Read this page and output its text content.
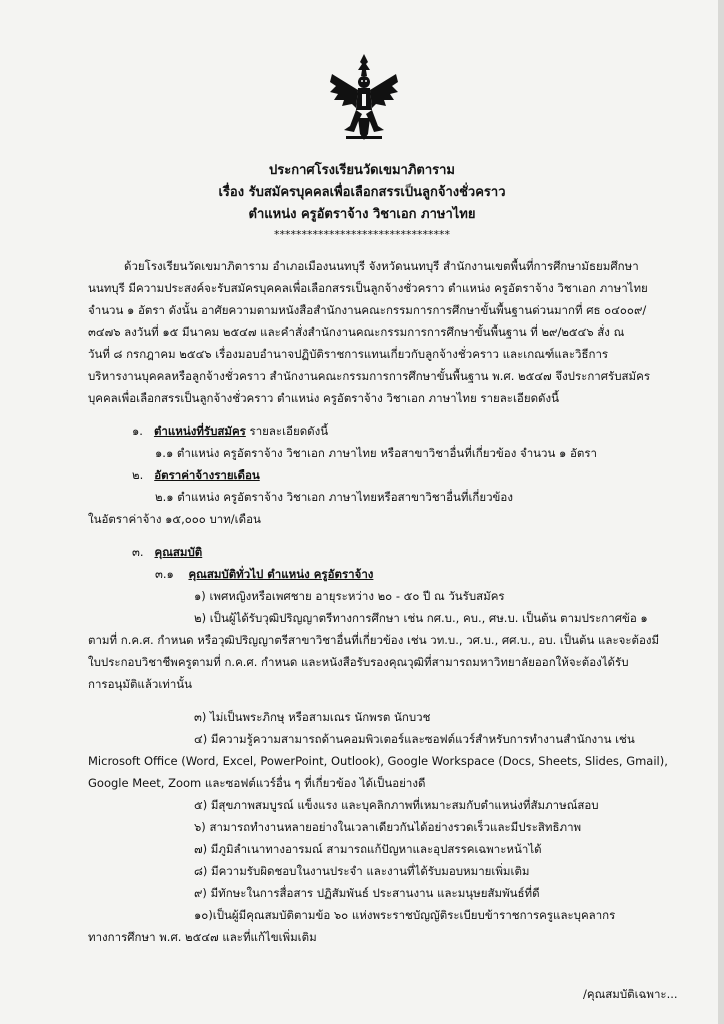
ประกาศโรงเรียนวัดเขมาภิตาราม
เรื่อง รับสมัครบุคคลเพื่อเลือกสรรเป็นลูกจ้างชั่วคราว
ตำแหน่ง ครูอัตราจ้าง วิชาเอก ภาษาไทย
********************************
ด้วยโรงเรียนวัดเขมาภิตาราม อำเภอเมืองนนทบุรี จังหวัดนนทบุรี สำนักงานเขตพื้นที่การศึกษามัธยมศึกษา
นนทบุรี มีความประสงค์จะรับสมัครบุคคลเพื่อเลือกสรรเป็นลูกจ้างชั่วคราว ตำแหน่ง ครูอัตราจ้าง วิชาเอก ภาษาไทย
จำนวน ๑ อัตรา ดังนั้น อาศัยความตามหนังสือสำนักงานคณะกรรมการการศึกษาขั้นพื้นฐานด่วนมากที่ ศธ ๐๔๐๐๙/
๓๔๗๖ ลงวันที่ ๑๕ มีนาคม ๒๕๔๗ และคำสั่งสำนักงานคณะกรรมการการศึกษาขั้นพื้นฐาน ที่ ๒๙/๒๕๔๖ สั่ง ณ
วันที่ ๘ กรกฎาคม ๒๕๔๖ เรื่องมอบอำนาจปฏิบัติราชการแทนเกี่ยวกับลูกจ้างชั่วคราว และเกณฑ์และวิธีการ
บริหารงานบุคคลหรือลูกจ้างชั่วคราว สำนักงานคณะกรรมการการศึกษาขั้นพื้นฐาน พ.ศ. ๒๕๔๗ จึงประกาศรับสมัคร
บุคคลเพื่อเลือกสรรเป็นลูกจ้างชั่วคราว ตำแหน่ง ครูอัตราจ้าง วิชาเอก ภาษาไทย รายละเอียดดังนี้
๑. ตำแหน่งที่รับสมัคร รายละเอียดดังนี้
๑.๑ ตำแหน่ง ครูอัตราจ้าง วิชาเอก ภาษาไทย หรือสาขาวิชาอื่นที่เกี่ยวข้อง จำนวน ๑ อัตรา
๒. อัตราค่าจ้างรายเดือน
๒.๑ ตำแหน่ง ครูอัตราจ้าง วิชาเอก ภาษาไทยหรือสาขาวิชาอื่นที่เกี่ยวข้อง
ในอัตราค่าจ้าง ๑๕,๐๐๐ บาท/เดือน
๓. คุณสมบัติ
๓.๑ คุณสมบัติทั่วไป ตำแหน่ง ครูอัตราจ้าง
๑) เพศหญิงหรือเพศชาย อายุระหว่าง ๒๐ - ๕๐ ปี ณ วันรับสมัคร
๒) เป็นผู้ได้รับวุฒิปริญญาตรีทางการศึกษา เช่น กศ.บ., คบ., ศษ.บ. เป็นต้น ตามประกาศข้อ ๑
ตามที่ ก.ค.ศ. กำหนด หรือวุฒิปริญญาตรีสาขาวิชาอื่นที่เกี่ยวข้อง เช่น วท.บ., วศ.บ., ศศ.บ., อบ. เป็นต้น และจะต้องมี
ใบประกอบวิชาชีพครูตามที่ ก.ค.ศ. กำหนด และหนังสือรับรองคุณวุฒิที่สามารถมหาวิทยาลัยออกให้จะต้องได้รับ
การอนุมัติแล้วเท่านั้น
๓) ไม่เป็นพระภิกษุ หรือสามเณร นักพรต นักบวช
๔) มีความรู้ความสามารถด้านคอมพิวเตอร์และซอฟต์แวร์สำหรับการทำงานสำนักงาน เช่น
Microsoft Office (Word, Excel, PowerPoint, Outlook), Google Workspace (Docs, Sheets, Slides, Gmail),
Google Meet, Zoom และซอฟต์แวร์อื่น ๆ ที่เกี่ยวข้อง ได้เป็นอย่างดี
๕) มีสุขภาพสมบูรณ์ แข็งแรง และบุคลิกภาพที่เหมาะสมกับตำแหน่งที่สัมภาษณ์สอบ
๖) สามารถทำงานหลายอย่างในเวลาเดียวกันได้อย่างรวดเร็วและมีประสิทธิภาพ
๗) มีภูมิลำเนาทางอารมณ์ สามารถแก้ปัญหาและอุปสรรคเฉพาะหน้าได้
๘) มีความรับผิดชอบในงานประจำ และงานที่ได้รับมอบหมายเพิ่มเติม
๙) มีทักษะในการสื่อสาร ปฏิสัมพันธ์ ประสานงาน และมนุษยสัมพันธ์ที่ดี
๑๐)เป็นผู้มีคุณสมบัติตามข้อ ๖๐ แห่งพระราชบัญญัติระเบียบข้าราชการครูและบุคลากร
ทางการศึกษา พ.ศ. ๒๕๔๗ และที่แก้ไขเพิ่มเติม
/คุณสมบัติเฉพาะ...
